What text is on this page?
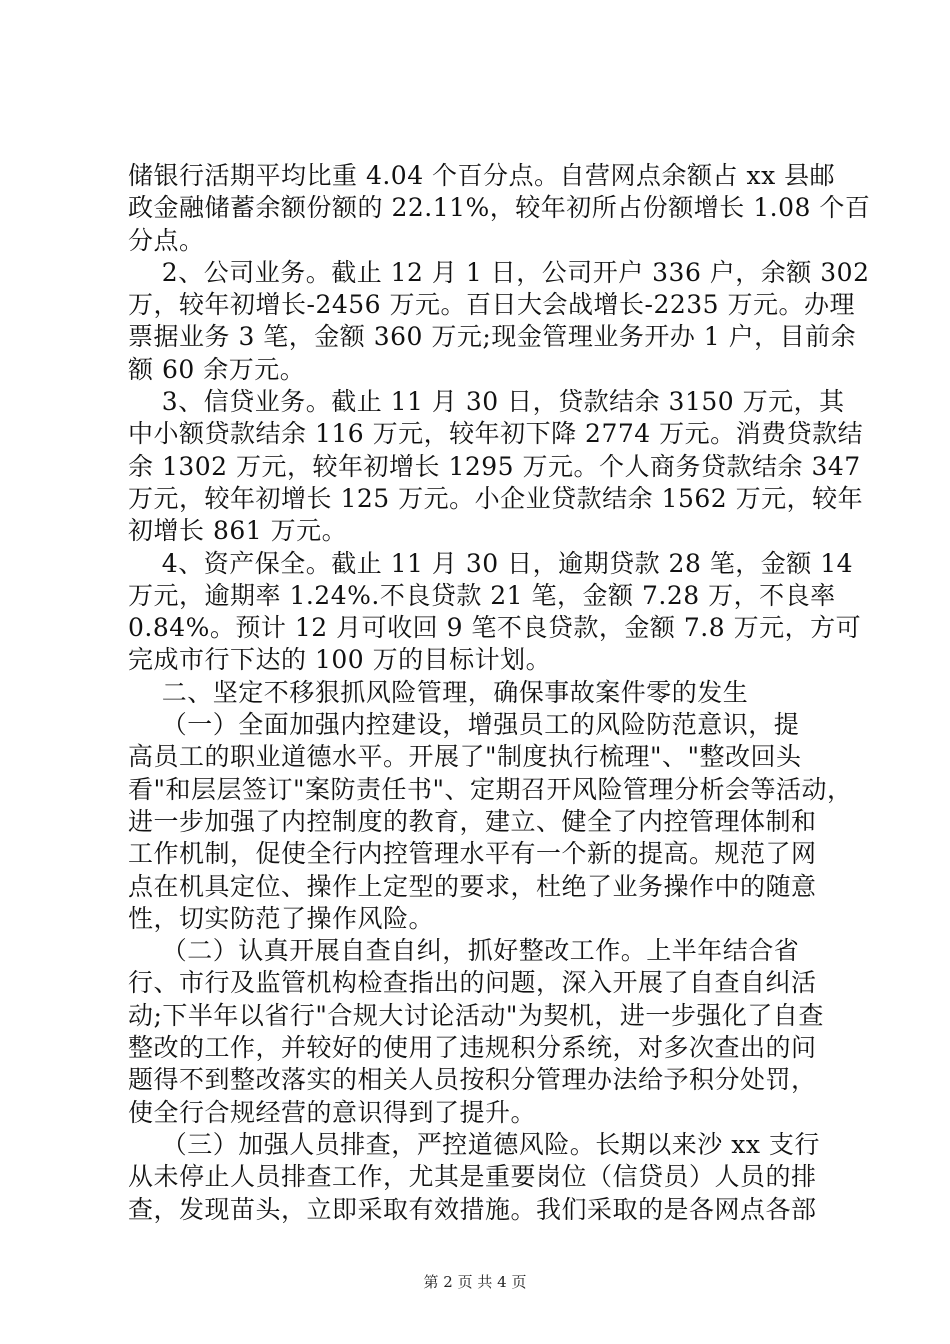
储银行活期平均比重 4.04 个百分点。自营网点余额占 xx 县邮
政金融储蓄余额份额的 22.11%，较年初所占份额增长 1.08 个百
分点。
2、公司业务。截止 12 月 1 日，公司开户 336 户，余额 302
万，较年初增长-2456 万元。百日大会战增长-2235 万元。办理
票据业务 3 笔，金额 360 万元;现金管理业务开办 1 户，目前余
额 60 余万元。
3、信贷业务。截止 11 月 30 日，贷款结余 3150 万元，其
中小额贷款结余 116 万元，较年初下降 2774 万元。消费贷款结
余 1302 万元，较年初增长 1295 万元。个人商务贷款结余 347
万元，较年初增长 125 万元。小企业贷款结余 1562 万元，较年
初增长 861 万元。
4、资产保全。截止 11 月 30 日，逾期贷款 28 笔，金额 14
万元，逾期率 1.24%.不良贷款 21 笔，金额 7.28 万，不良率
0.84%。预计 12 月可收回 9 笔不良贷款，金额 7.8 万元，方可
完成市行下达的 100 万的目标计划。
二、坚定不移狠抓风险管理，确保事故案件零的发生
（一）全面加强内控建设，增强员工的风险防范意识，提
高员工的职业道德水平。开展了"制度执行梳理"、"整改回头
看"和层层签订"案防责任书"、定期召开风险管理分析会等活动，
进一步加强了内控制度的教育，建立、健全了内控管理体制和
工作机制，促使全行内控管理水平有一个新的提高。规范了网
点在机具定位、操作上定型的要求，杜绝了业务操作中的随意
性，切实防范了操作风险。
（二）认真开展自查自纠，抓好整改工作。上半年结合省
行、市行及监管机构检查指出的问题，深入开展了自查自纠活
动;下半年以省行"合规大讨论活动"为契机，进一步强化了自查
整改的工作，并较好的使用了违规积分系统，对多次查出的问
题得不到整改落实的相关人员按积分管理办法给予积分处罚，
使全行合规经营的意识得到了提升。
（三）加强人员排查，严控道德风险。长期以来沙 xx 支行
从未停止人员排查工作，尤其是重要岗位（信贷员）人员的排
查，发现苗头，立即采取有效措施。我们采取的是各网点各部
第 2 页 共 4 页
